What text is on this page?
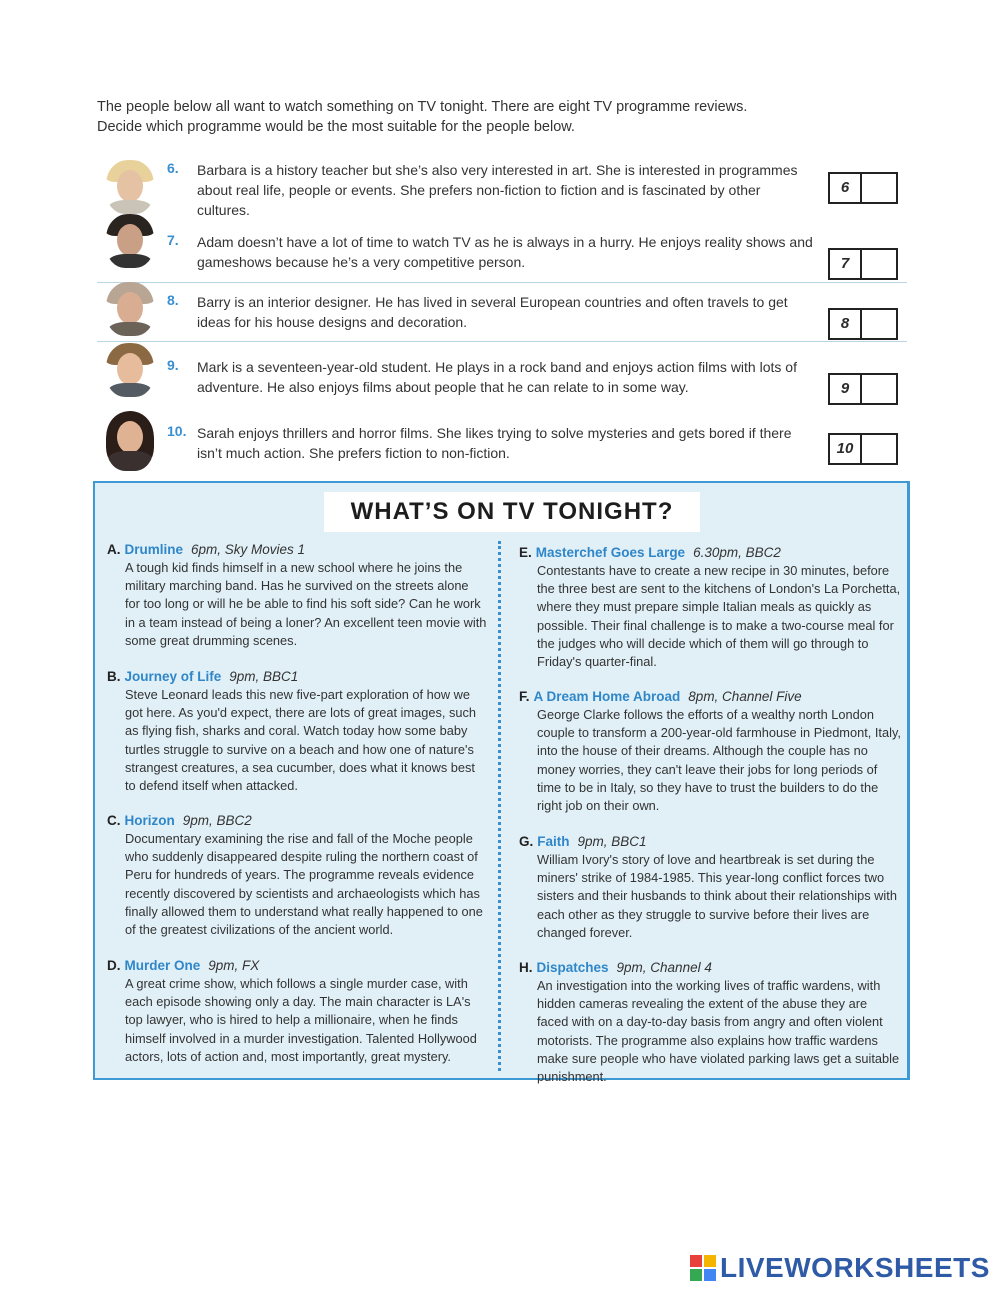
The people below all want to watch something on TV tonight. There are eight TV programme reviews.
Decide which programme would be the most suitable for the people below.
6. Barbara is a history teacher but she’s also very interested in art. She is interested in programmes about real life, people or events. She prefers non-fiction to fiction and is fascinated by other cultures.
6
7. Adam doesn’t have a lot of time to watch TV as he is always in a hurry. He enjoys reality shows and gameshows because he’s a very competitive person.	7
8. Barry is an interior designer. He has lived in several European countries and often travels to get ideas for his house designs and decoration.	8
9. Mark is a seventeen-year-old student. He plays in a rock band and enjoys action films with lots of adventure. He also enjoys films about people that he can relate to in some way.	9
10. Sarah enjoys thrillers and horror films. She likes trying to solve mysteries and gets bored if there isn’t much action. She prefers fiction to non-fiction.	10
WHAT’S ON TV TONIGHT?
A. Drumline 6pm, Sky Movies 1
A tough kid finds himself in a new school where he joins the military marching band. Has he survived on the streets alone for too long or will he be able to find his soft side? Can he work in a team instead of being a loner? An excellent teen movie with some great drumming scenes.
B. Journey of Life 9pm, BBC1
Steve Leonard leads this new five-part exploration of how we got here. As you'd expect, there are lots of great images, such as flying fish, sharks and coral. Watch today how some baby turtles struggle to survive on a beach and how one of nature's strangest creatures, a sea cucumber, does what it knows best to defend itself when attacked.
C. Horizon 9pm, BBC2
Documentary examining the rise and fall of the Moche people who suddenly disappeared despite ruling the northern coast of Peru for hundreds of years. The programme reveals evidence recently discovered by scientists and archaeologists which has finally allowed them to understand what really happened to one of the greatest civilizations of the ancient world.
D. Murder One 9pm, FX
A great crime show, which follows a single murder case, with each episode showing only a day. The main character is LA's top lawyer, who is hired to help a millionaire, when he finds himself involved in a murder investigation. Talented Hollywood actors, lots of action and, most importantly, great mystery.
E. Masterchef Goes Large 6.30pm, BBC2
Contestants have to create a new recipe in 30 minutes, before the three best are sent to the kitchens of London's La Porchetta, where they must prepare simple Italian meals as quickly as possible. Their final challenge is to make a two-course meal for the judges who will decide which of them will go through to Friday's quarter-final.
F. A Dream Home Abroad 8pm, Channel Five
George Clarke follows the efforts of a wealthy north London couple to transform a 200-year-old farmhouse in Piedmont, Italy, into the house of their dreams. Although the couple has no money worries, they can't leave their jobs for long periods of time to be in Italy, so they have to trust the builders to do the right job on their own.
G. Faith 9pm, BBC1
William Ivory's story of love and heartbreak is set during the miners' strike of 1984-1985. This year-long conflict forces two sisters and their husbands to think about their relationships with each other as they struggle to survive before their lives are changed forever.
H. Dispatches 9pm, Channel 4
An investigation into the working lives of traffic wardens, with hidden cameras revealing the extent of the abuse they are faced with on a day-to-day basis from angry and often violent motorists. The programme also explains how traffic wardens make sure people who have violated parking laws get a suitable punishment.
LIVEWORKSHEETS
